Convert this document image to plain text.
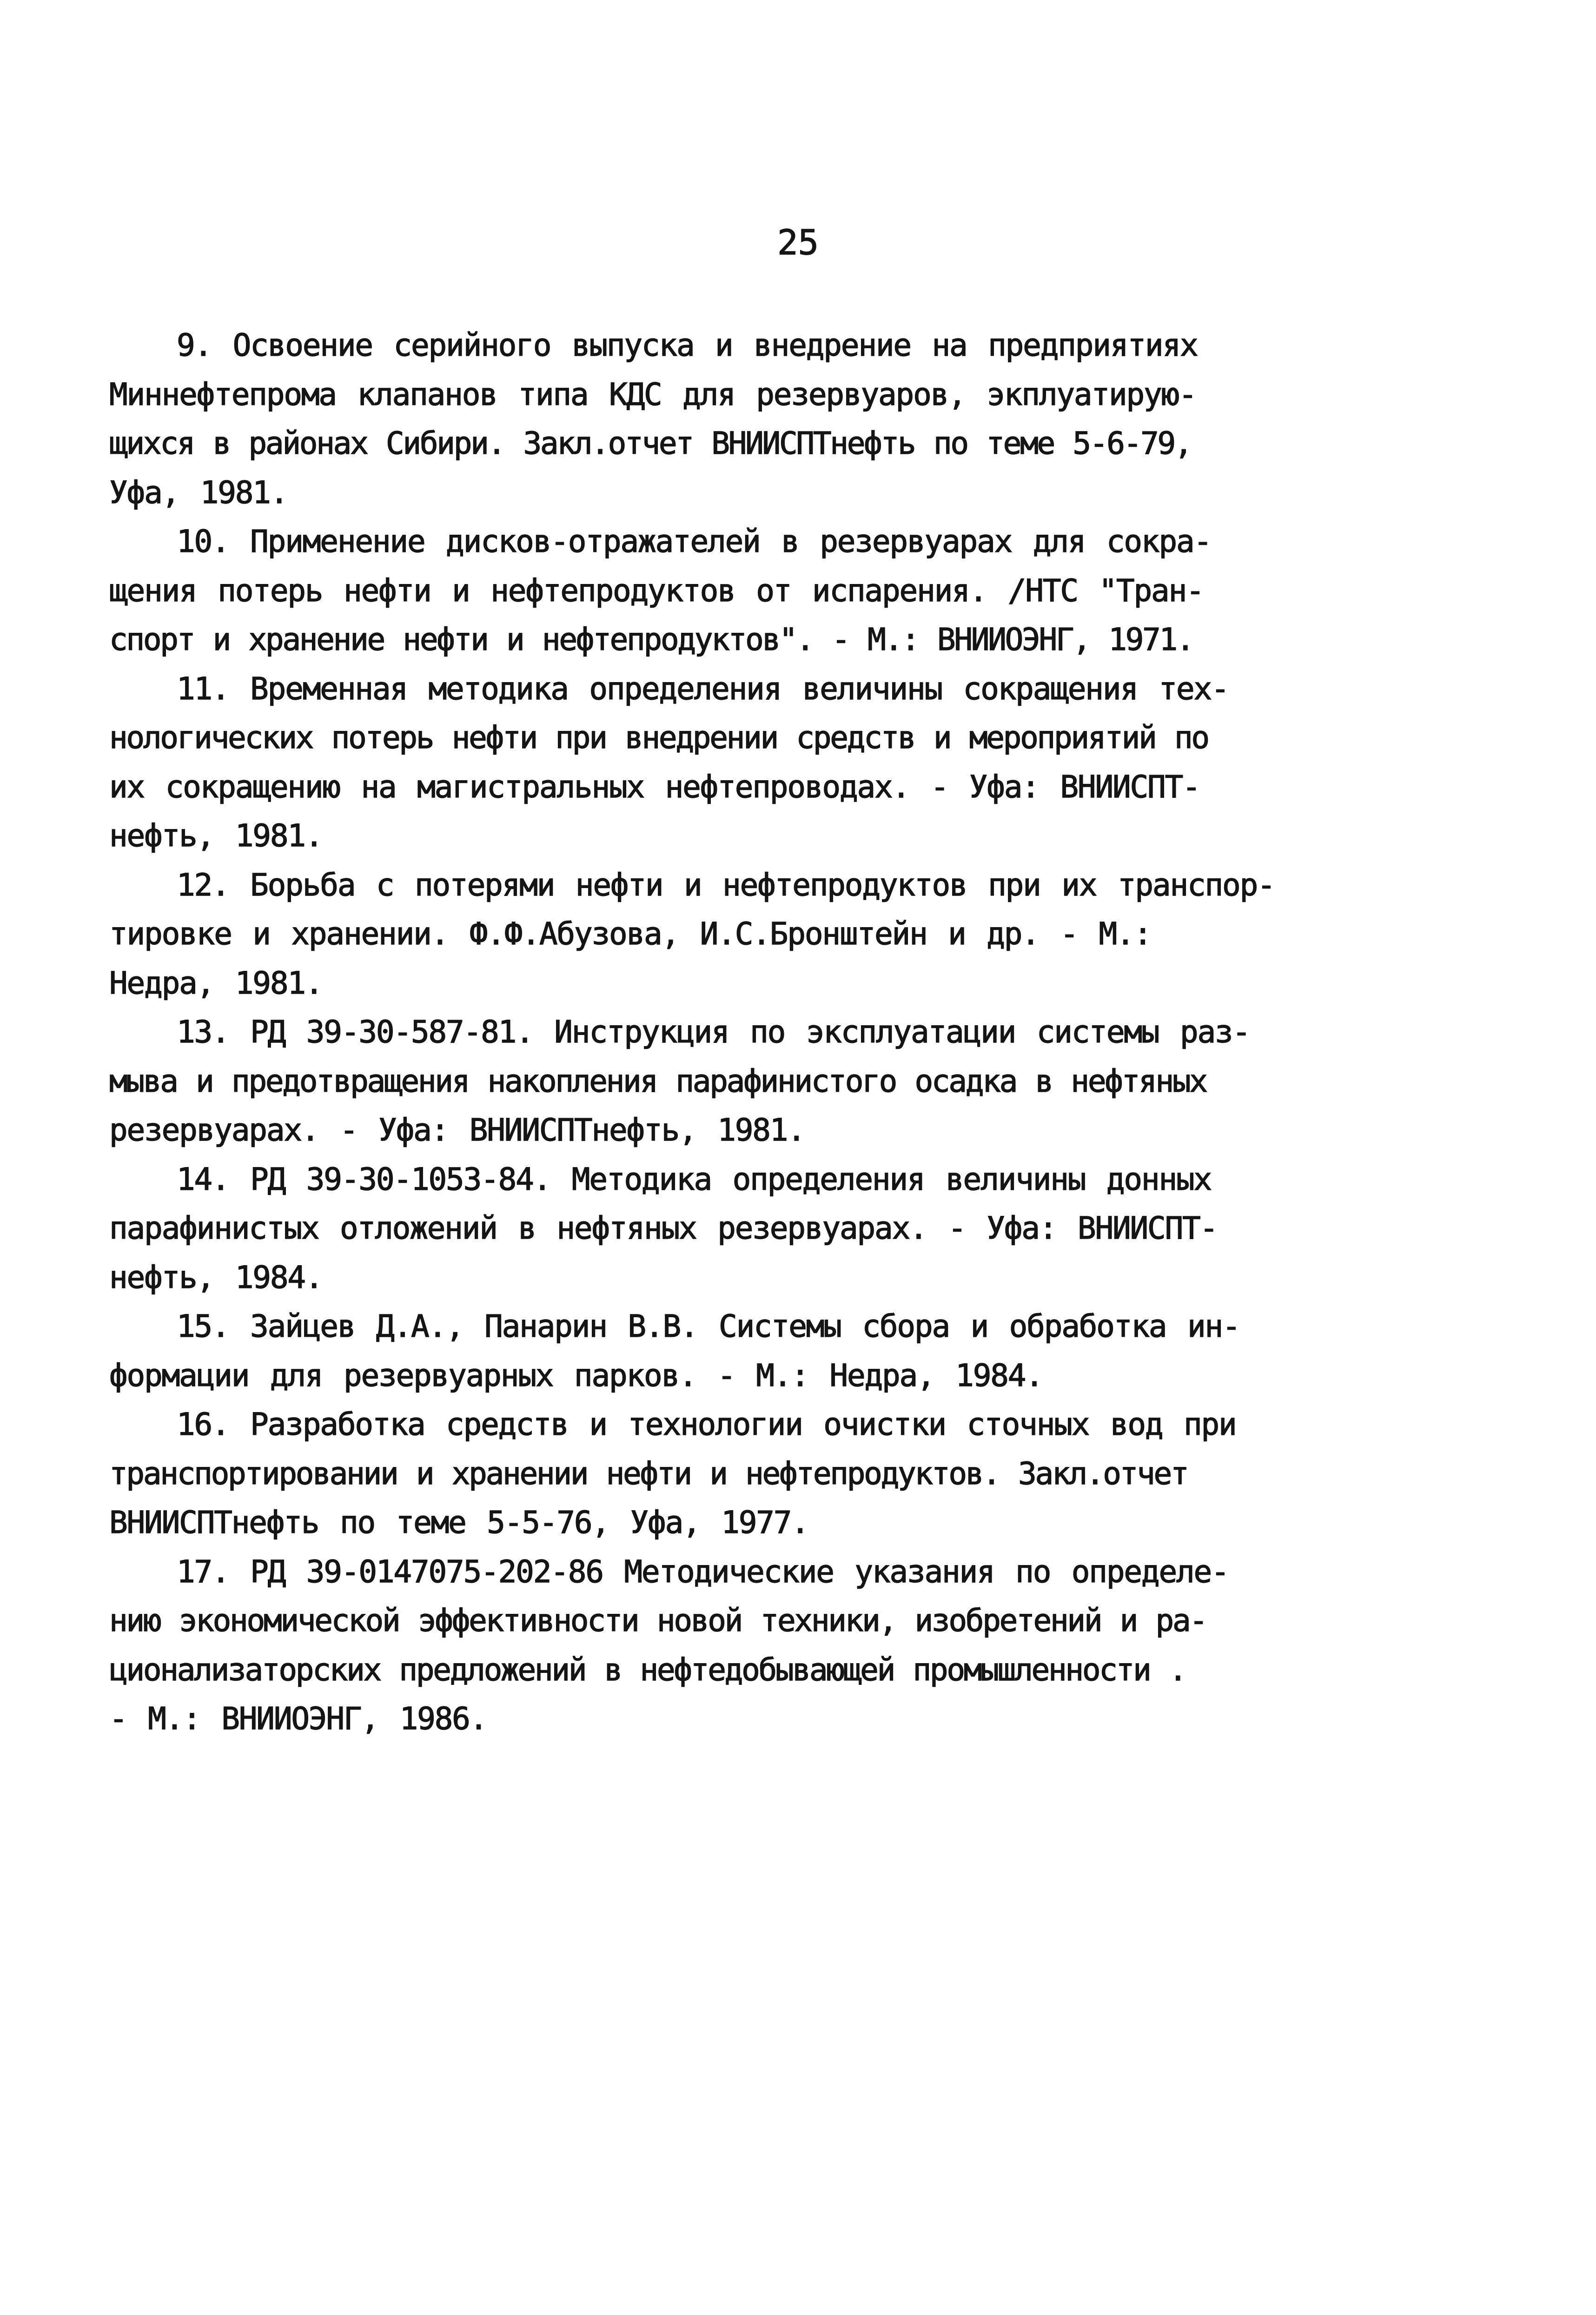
25
9. Освоение серийного выпуска и внедрение на предприятиях
Миннефтепрома клапанов типа КДС для резервуаров, экплуатирую-
щихся в районах Сибири. Закл.отчет ВНИИСПТнефть по теме 5-6-79,
Уфа, 1981.
10. Применение дисков-отражателей в резервуарах для сокра-
щения потерь нефти и нефтепродуктов от испарения. /НТС "Тран-
спорт и хранение нефти и нефтепродуктов". - М.: ВНИИОЭНГ, 1971.
11. Временная методика определения величины сокращения тех-
нологических потерь нефти при внедрении средств и мероприятий по
их сокращению на магистральных нефтепроводах. - Уфа: ВНИИСПТ-
нефть, 1981.
12. Борьба с потерями нефти и нефтепродуктов при их транспор-
тировке и хранении. Ф.Ф.Абузова, И.С.Бронштейн и др. - М.:
Недра, 1981.
13. РД 39-30-587-81. Инструкция по эксплуатации системы раз-
мыва и предотвращения накопления парафинистого осадка в нефтяных
резервуарах. - Уфа: ВНИИСПТнефть, 1981.
14. РД 39-30-1053-84. Методика определения величины донных
парафинистых отложений в нефтяных резервуарах. - Уфа: ВНИИСПТ-
нефть, 1984.
15. Зайцев Д.А., Панарин В.В. Системы сбора и обработка ин-
формации для резервуарных парков. - М.: Недра, 1984.
16. Разработка средств и технологии очистки сточных вод при
транспортировании и хранении нефти и нефтепродуктов. Закл.отчет
ВНИИСПТнефть по теме 5-5-76, Уфа, 1977.
17. РД 39-0147075-202-86 Методические указания по определе-
нию экономической эффективности новой техники, изобретений и ра-
ционализаторских предложений в нефтедобывающей промышленности .
- М.: ВНИИОЭНГ, 1986.
